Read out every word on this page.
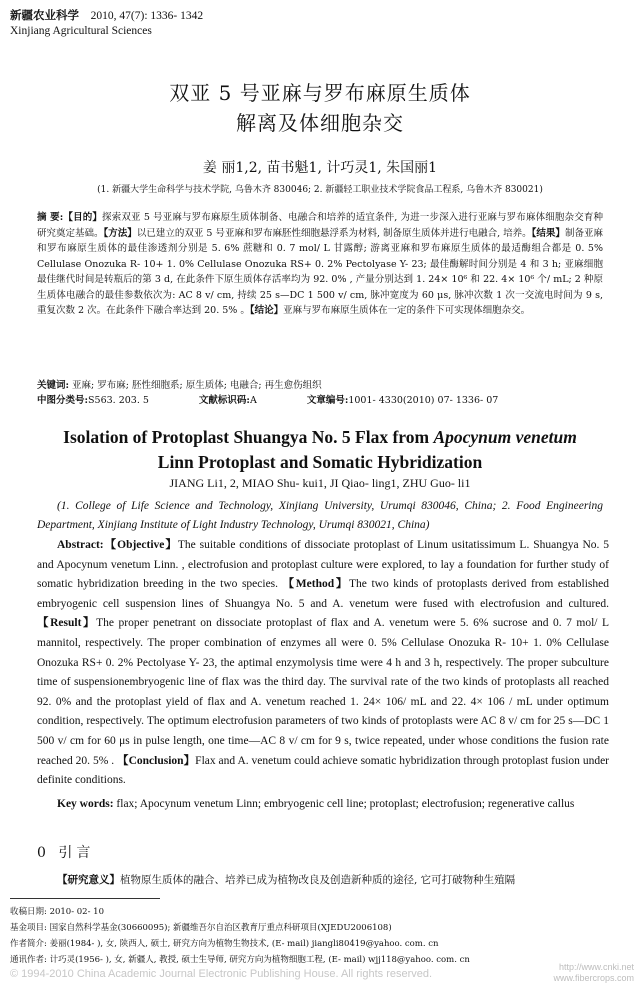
新疆农业科学 2010, 47(7): 1336- 1342
Xinjiang Agricultural Sciences
双亚 5 号亚麻与罗布麻原生质体
解离及体细胞杂交
姜 丽1,2, 苗书魁1, 计巧灵1, 朱国丽1
(1. 新疆大学生命科学与技术学院, 乌鲁木齐 830046; 2. 新疆轻工职业技术学院食品工程系, 乌鲁木齐 830021)
摘 要:【目的】探索双亚 5 号亚麻与罗布麻原生质体制备、电融合和培养的适宜条件, 为进一步深入进行亚麻与罗布麻体细胞杂交育种研究奠定基础。【方法】以已建立的双亚 5 号亚麻和罗布麻胚性细胞悬浮系为材料, 制备原生质体并进行电融合, 培养。【结果】制备亚麻和罗布麻原生质体的最佳渗透剂分别是 5. 6% 蔗糖和 0. 7 mol/ L 甘露醇; 游离亚麻和罗布麻原生质体的最适酶组合都是 0. 5% Cellulase Onozuka R- 10+ 1. 0% Cellulase Onozuka RS+ 0. 2% Pectolyase Y- 23; 最佳酶解时间分别是 4 和 3 h; 亚麻细胞最佳继代时间是转瓶后的第 3 d, 在此条件下原生质体存活率均为 92. 0% , 产量分别达到 1. 24× 10⁶ 和 22. 4× 10⁶ 个/ mL; 2 种原生质体电融合的最佳参数依次为: AC 8 v/ cm, 持续 25 s—DC 1 500 v/ cm, 脉冲宽度为 60 μs, 脉冲次数 1 次一交流电时间为 9 s, 重复次数 2 次。在此条件下融合率达到 20. 5% 。【结论】亚麻与罗布麻原生质体在一定的条件下可实现体细胞杂交。
关键词: 亚麻; 罗布麻; 胚性细胞系; 原生质体; 电融合; 再生愈伤组织
中图分类号:S563. 203. 5	文献标识码:A	文章编号:1001- 4330(2010) 07- 1336- 07
Isolation of Protoplast Shuangya No. 5 Flax from Apocynum venetum
Linn Protoplast and Somatic Hybridization
JIANG Li1, 2, MIAO Shu- kui1, JI Qiao- ling1, ZHU Guo- li1
(1. College of Life Science and Technology, Xinjiang University, Urumqi 830046, China; 2. Food Engineering Department, Xinjiang Institute of Light Industry Technology, Urumqi 830021, China)
Abstract:【Objective】The suitable conditions of dissociate protoplast of Linum usitatissimum L. Shuangya No. 5 and Apocynum venetum Linn. , electrofusion and protoplast culture were explored, to lay a foundation for further study of somatic hybridization breeding in the two species. 【Method】The two kinds of protoplasts derived from established embryogenic cell suspension lines of Shuangya No. 5 and A. venetum were fused with electrofusion and cultured. 【Result】The proper penetrant on dissociate protoplast of flax and A. venetum were 5. 6% sucrose and 0. 7 mol/ L mannitol, respectively. The proper combination of enzymes all were 0. 5% Cellulase Onozuka R- 10+ 1. 0% Cellulase Onozuka RS+ 0. 2% Pectolyase Y- 23, the aptimal enzymolysis time were 4 h and 3 h, respectively. The proper subculture time of suspensionembryogenic line of flax was the third day. The survival rate of the two kinds of protoplasts all reached 92. 0% and the protoplast yield of flax and A. venetum reached 1. 24× 106/ mL and 22. 4× 106 / mL under optimum condition, respectively. The optimum electrofusion parameters of two kinds of protoplasts were AC 8 v/ cm for 25 s—DC 1 500 v/ cm for 60 μs in pulse length, one time—AC 8 v/ cm for 9 s, twice repeated, under whose conditions the fusion rate reached 20. 5% . 【Conclusion】Flax and A. venetum could achieve somatic hybridization through protoplast fusion under definite conditions.
Key words: flax; Apocynum venetum Linn; embryogenic cell line; protoplast; electrofusion; regenerative callus
0 引言
【研究意义】植物原生质体的融合、培养已成为植物改良及创造新种质的途径, 它可打破物种生殖隔
收稿日期: 2010- 02- 10
基金项目: 国家自然科学基金(30660095); 新疆维吾尔自治区教育厅重点科研项目(XJEDU2006108)
作者简介: 姜丽(1984- ), 女, 陕西人, 硕士, 研究方向为植物生物技术, (E- mail) jiangli80419@yahoo. com. cn
通讯作者: 计巧灵(1956- ), 女, 新疆人, 教授, 硕士生导师, 研究方向为植物细胞工程, (E- mail) wjj118@yahoo. com. cn
© 1994-2010 China Academic Journal Electronic Publishing House. All rights reserved.
http://www.cnki.net
www.fibercrops.com
